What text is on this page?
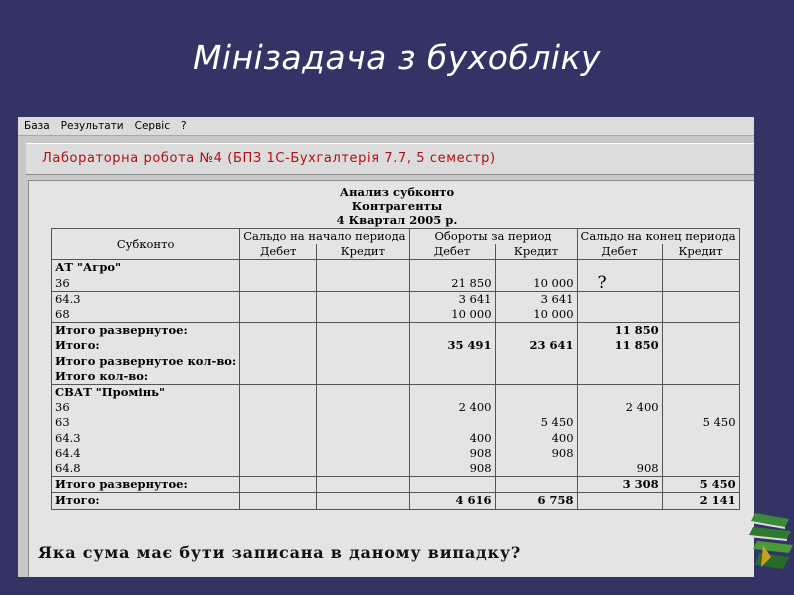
Мінізадача з бухобліку
База Результати Сервіс ?
Лабораторна робота №4 (БПЗ 1С-Бухгалтерія 7.7, 5 семестр)
Анализ субконто
Контрагенты
4 Квартал 2005 р.
Субконто	Сальдо на начало периода		Обороты за период		Сальдо на конец периода	
	Дебет	Кредит	Дебет	Кредит	Дебет	Кредит
АТ "Агро"						
36			21 850	10 000	?	
64.3			3 641	3 641		
68			10 000	10 000		
Итого развернутое:					11 850	
Итого:			35 491	23 641	11 850	
Итого развернутое кол-во:						
Итого кол-во:						
СВАТ "Промінь"						
36			2 400		2 400	
63				5 450		5 450
64.3			400	400		
64.4			908	908		
64.8			908		908	
Итого развернутое:					3 308	5 450
Итого:			4 616	6 758		2 141
Яка сума має бути записана в даному випадку?
